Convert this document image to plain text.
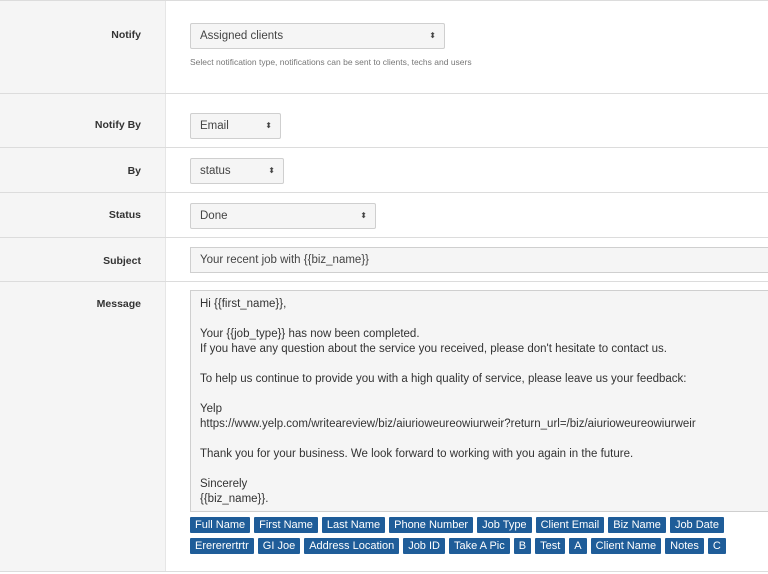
Notify	Assigned clients	⬍
Select notification type, notifications can be sent to clients, techs and users
Notify By	Email	⬍
By	status	⬍
Status	Done	⬍
Subject	Your recent job with {{biz_name}}
Message	Hi {{first_name}},

Your {{job_type}} has now been completed.
If you have any question about the service you received, please don't hesitate to contact us.

To help us continue to provide you with a high quality of service, please leave us your feedback:

Yelp
https://www.yelp.com/writeareview/biz/aiurioweureowiurweir?return_url=/biz/aiurioweureowiurweir

Thank you for your business. We look forward to working with you again in the future.

Sincerely
{{biz_name}}.
Full Name	First Name	Last Name	Phone Number	Job Type	Client Email	Biz Name	Job Date
Erererertrtr	GI Joe	Address Location	Job ID	Take A Pic	B	Test	A	Client Name	Notes	C
